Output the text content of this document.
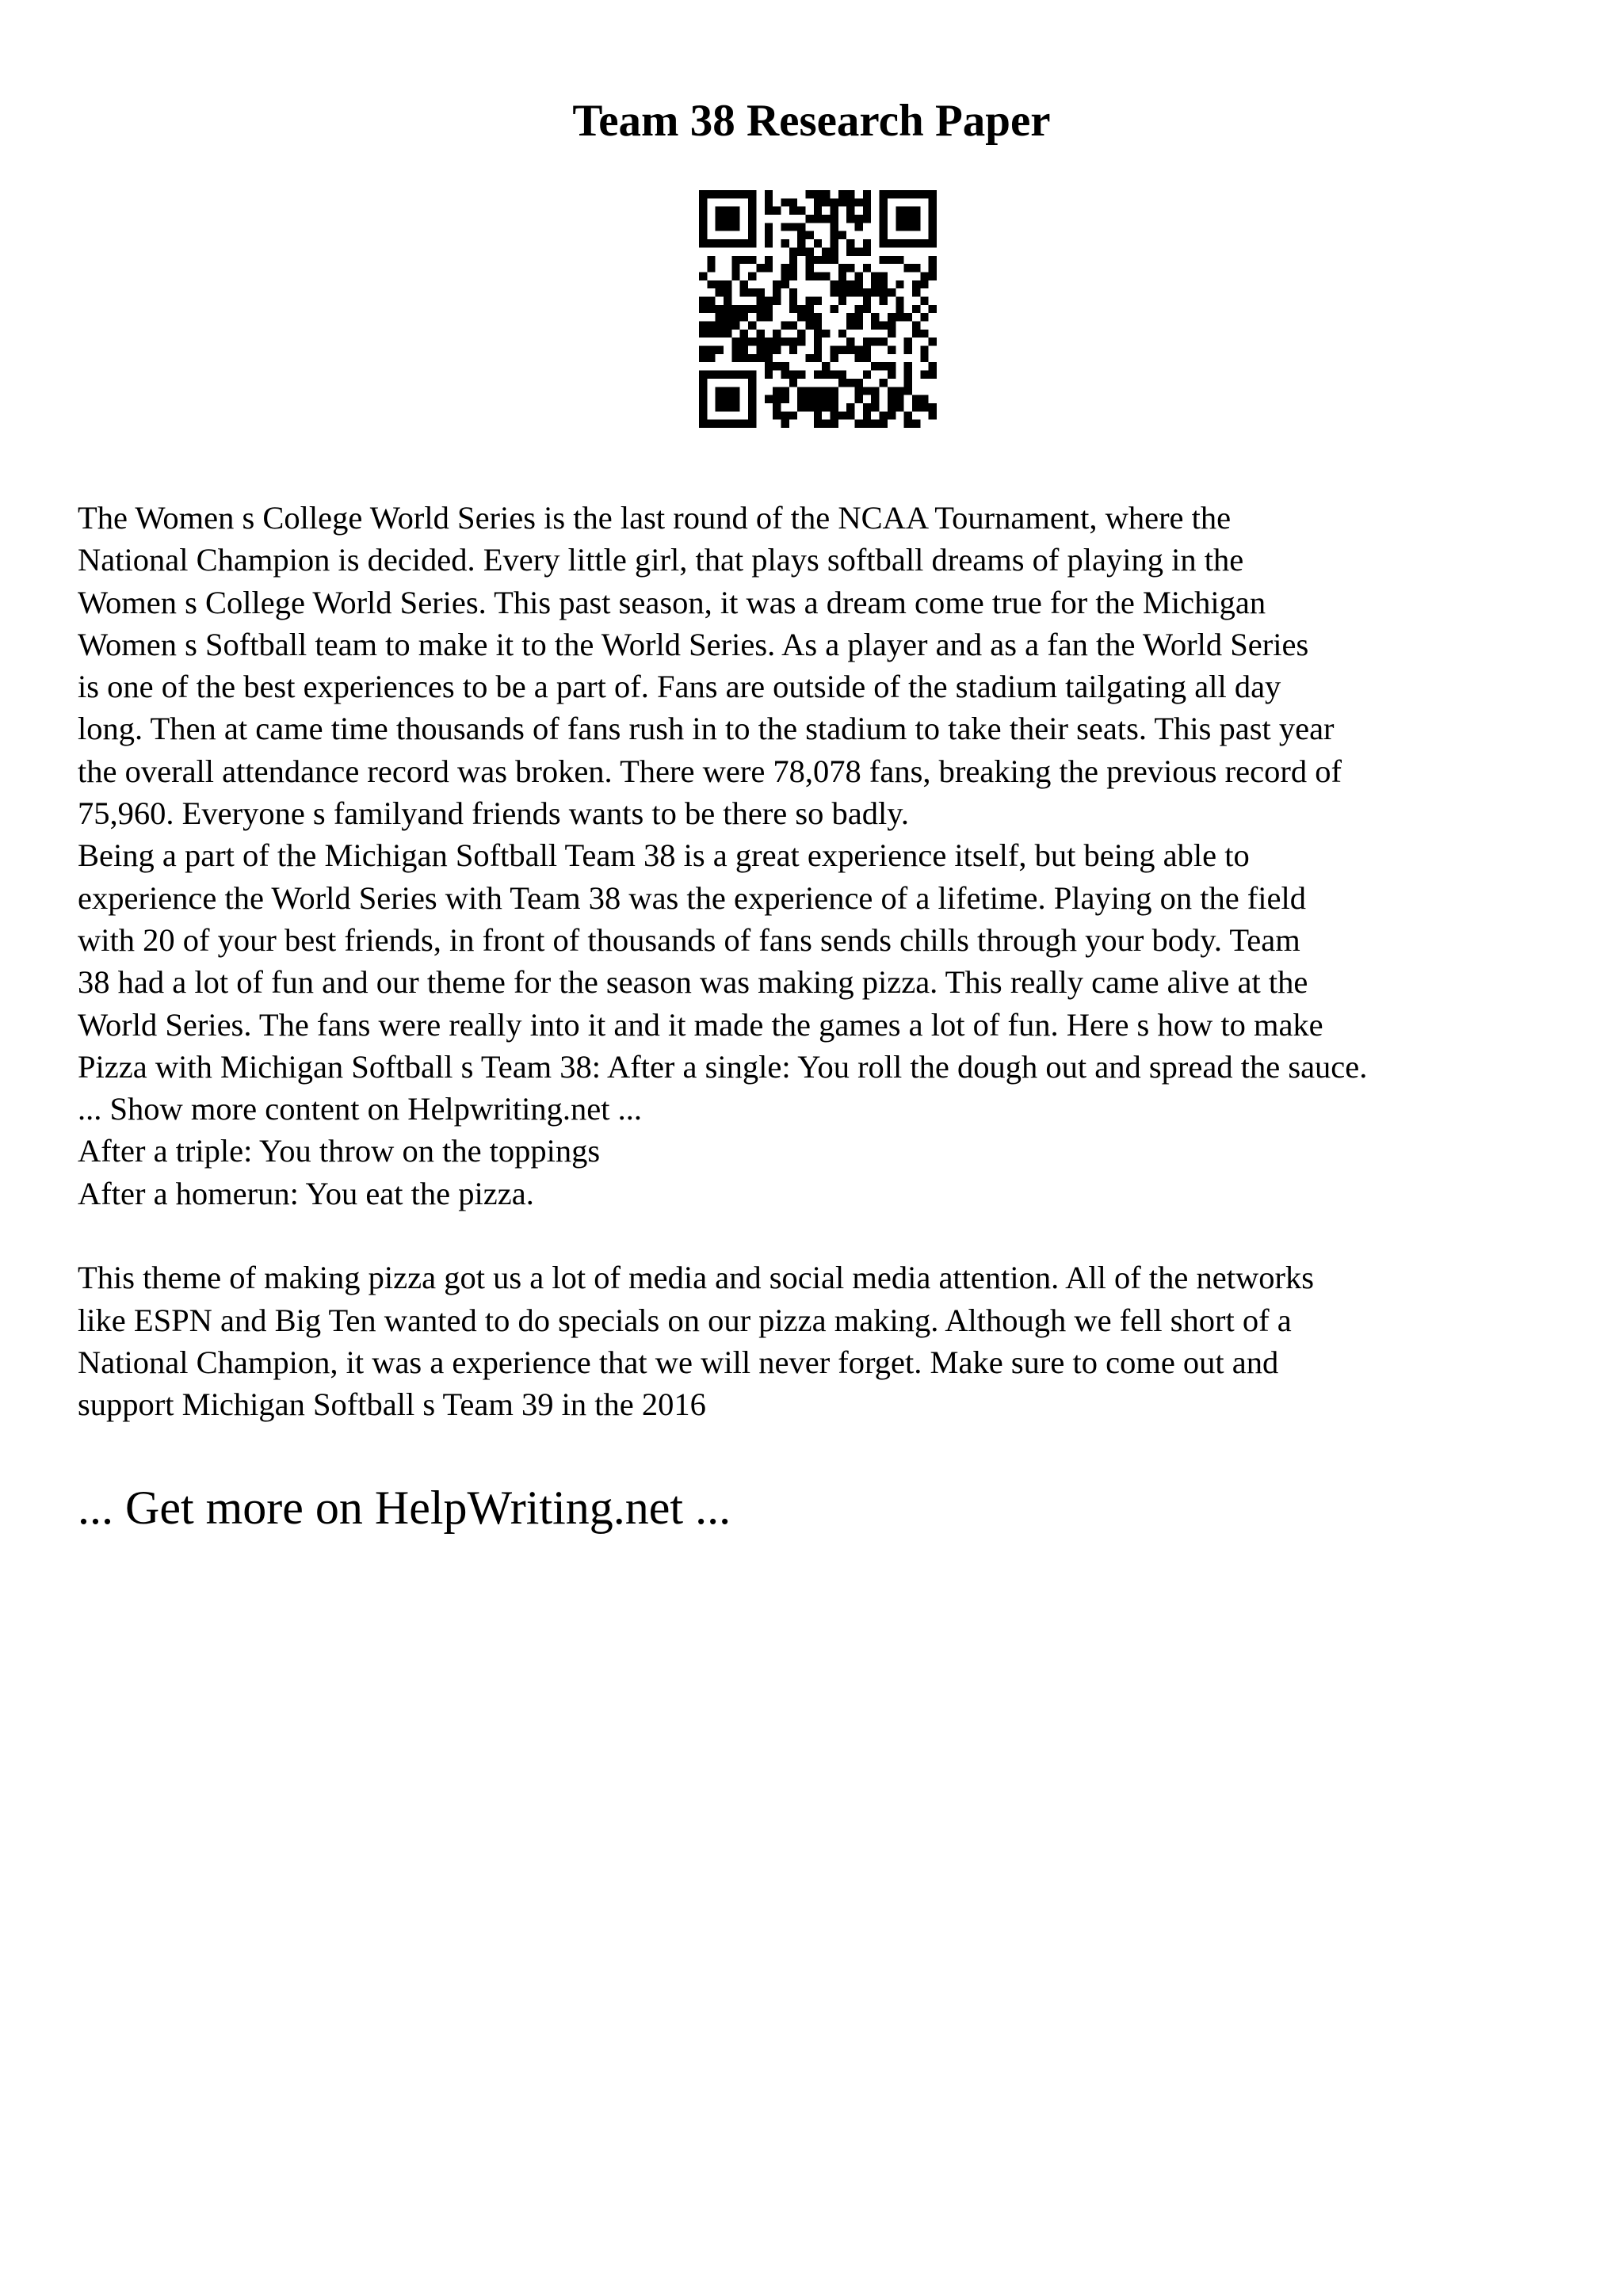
Team 38 Research Paper
The Women s College World Series is the last round of the NCAA Tournament, where the
National Champion is decided. Every little girl, that plays softball dreams of playing in the
Women s College World Series. This past season, it was a dream come true for the Michigan
Women s Softball team to make it to the World Series. As a player and as a fan the World Series
is one of the best experiences to be a part of. Fans are outside of the stadium tailgating all day
long. Then at came time thousands of fans rush in to the stadium to take their seats. This past year
the overall attendance record was broken. There were 78,078 fans, breaking the previous record of
75,960. Everyone s familyand friends wants to be there so badly.
Being a part of the Michigan Softball Team 38 is a great experience itself, but being able to
experience the World Series with Team 38 was the experience of a lifetime. Playing on the field
with 20 of your best friends, in front of thousands of fans sends chills through your body. Team
38 had a lot of fun and our theme for the season was making pizza. This really came alive at the
World Series. The fans were really into it and it made the games a lot of fun. Here s how to make
Pizza with Michigan Softball s Team 38: After a single: You roll the dough out and spread the sauce.
... Show more content on Helpwriting.net ...
After a triple: You throw on the toppings
After a homerun: You eat the pizza.
This theme of making pizza got us a lot of media and social media attention. All of the networks
like ESPN and Big Ten wanted to do specials on our pizza making. Although we fell short of a
National Champion, it was a experience that we will never forget. Make sure to come out and
support Michigan Softball s Team 39 in the 2016
... Get more on HelpWriting.net ...
